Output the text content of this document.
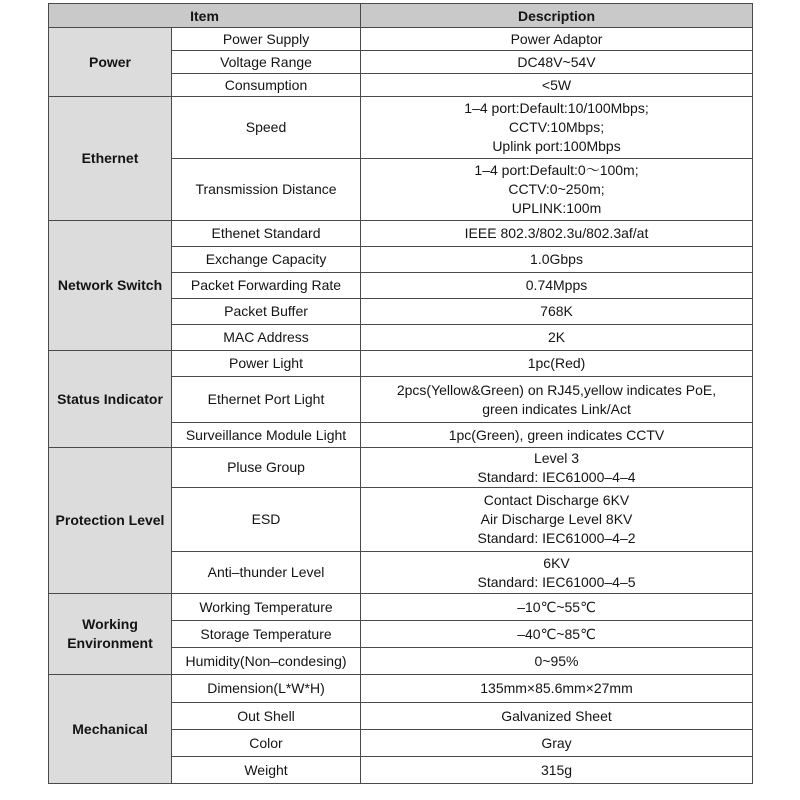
Item		Description
Power	Power Supply	Power Adaptor
	Voltage Range	DC48V~54V
	Consumption	<5W
Ethernet	Speed	1–4 port:Default:10/100Mbps;
CCTV:10Mbps;
Uplink port:100Mbps

	Transmission Distance	1–4 port:Default:0～100m;
CCTV:0~250m;
UPLINK:100m

Network Switch	Ethenet Standard	IEEE 802.3/802.3u/802.3af/at
	Exchange Capacity	1.0Gbps
	Packet Forwarding Rate	0.74Mpps
	Packet Buffer	768K
	MAC Address	2K
Status Indicator	Power Light	1pc(Red)
	Ethernet Port Light	2pcs(Yellow&Green) on RJ45,yellow indicates PoE,
green indicates Link/Act

	Surveillance Module Light	1pc(Green), green indicates CCTV
Protection Level	Pluse Group	Level 3
Standard: IEC61000–4–4

	ESD	Contact Discharge 6KV
Air Discharge Level 8KV
Standard: IEC61000–4–2

	Anti–thunder Level	6KV
Standard: IEC61000–4–5

Working
Environment	Working Temperature	–10℃~55℃
	Storage Temperature	–40℃~85℃
	Humidity(Non–condesing)	0~95%
Mechanical	Dimension(L*W*H)	135mm×85.6mm×27mm
	Out Shell	Galvanized Sheet
	Color	Gray
	Weight	315g
